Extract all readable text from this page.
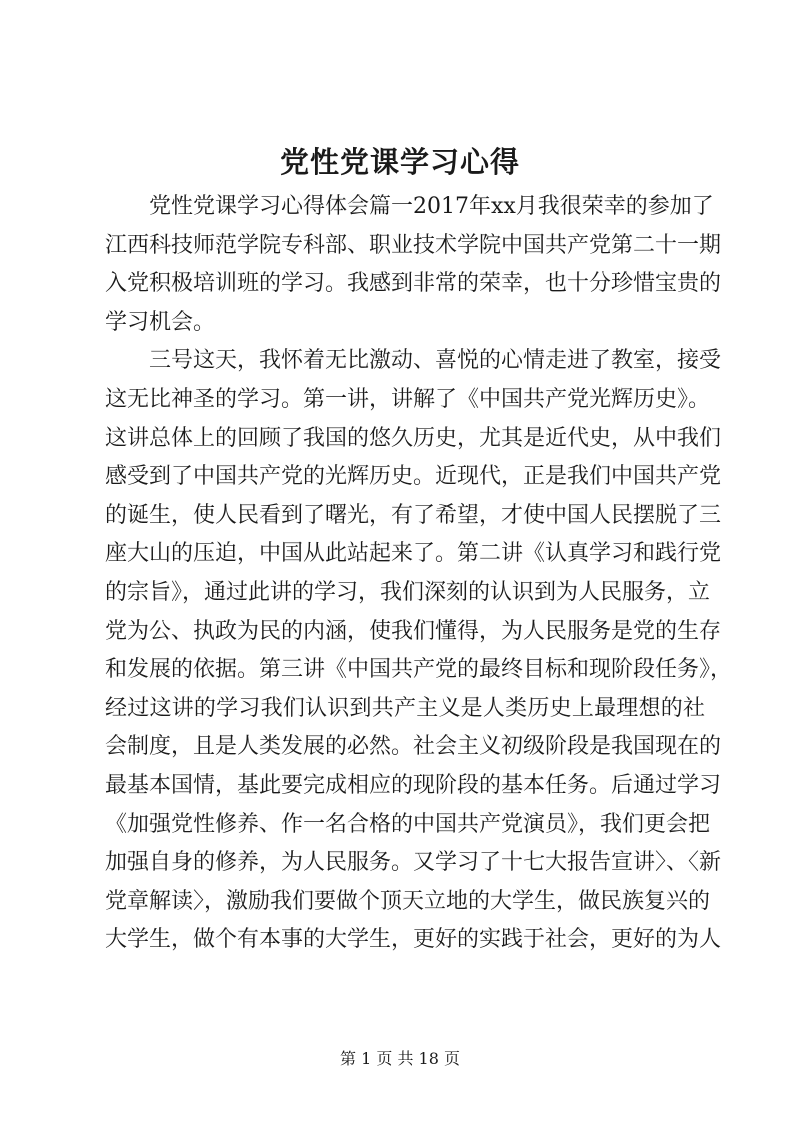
党性党课学习心得

党性党课学习心得体会篇一2017年xx月我很荣幸的参加了

江西科技师范学院专科部、职业技术学院中国共产党第二十一期

入党积极培训班的学习。我感到非常的荣幸，也十分珍惜宝贵的

学习机会。

三号这天，我怀着无比激动、喜悦的心情走进了教室，接受

这无比神圣的学习。第一讲，讲解了《中国共产党光辉历史》。

这讲总体上的回顾了我国的悠久历史，尤其是近代史，从中我们

感受到了中国共产党的光辉历史。近现代，正是我们中国共产党

的诞生，使人民看到了曙光，有了希望，才使中国人民摆脱了三

座大山的压迫，中国从此站起来了。第二讲《认真学习和践行党

的宗旨》，通过此讲的学习，我们深刻的认识到为人民服务，立

党为公、执政为民的内涵，使我们懂得，为人民服务是党的生存

和发展的依据。第三讲《中国共产党的最终目标和现阶段任务》，

经过这讲的学习我们认识到共产主义是人类历史上最理想的社

会制度，且是人类发展的必然。社会主义初级阶段是我国现在的

最基本国情，基此要完成相应的现阶段的基本任务。后通过学习

《加强党性修养、作一名合格的中国共产党演员》，我们更会把

加强自身的修养，为人民服务。又学习了十七大报告宣讲〉、〈新

党章解读〉，激励我们要做个顶天立地的大学生，做民族复兴的

大学生，做个有本事的大学生，更好的实践于社会，更好的为人

第 1 页 共 18 页
